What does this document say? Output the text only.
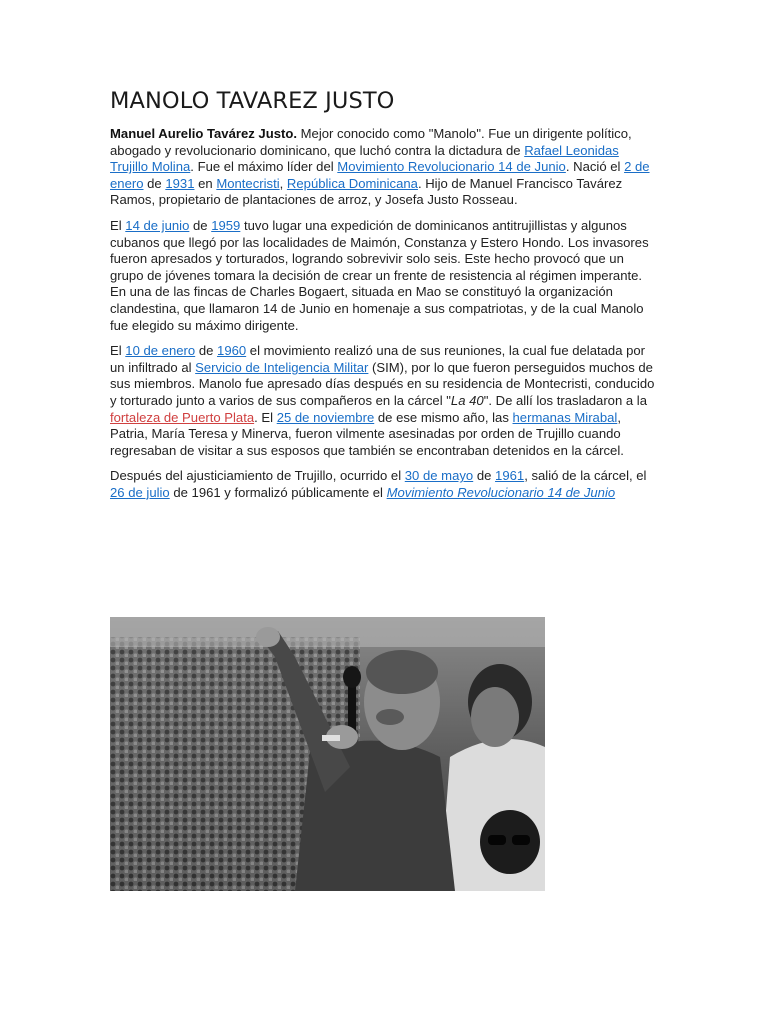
MANOLO TAVAREZ JUSTO

Manuel Aurelio Tavárez Justo. Mejor conocido como "Manolo". Fue un dirigente político, abogado y revolucionario dominicano, que luchó contra la dictadura de Rafael Leonidas Trujillo Molina. Fue el máximo líder del Movimiento Revolucionario 14 de Junio. Nació el 2 de enero de 1931 en Montecristi, República Dominicana. Hijo de Manuel Francisco Tavárez Ramos, propietario de plantaciones de arroz, y Josefa Justo Rosseau.

El 14 de junio de 1959 tuvo lugar una expedición de dominicanos antitrujillistas y algunos cubanos que llegó por las localidades de Maimón, Constanza y Estero Hondo. Los invasores fueron apresados y torturados, logrando sobrevivir solo seis. Este hecho provocó que un grupo de jóvenes tomara la decisión de crear un frente de resistencia al régimen imperante. En una de las fincas de Charles Bogaert, situada en Mao se constituyó la organización clandestina, que llamaron 14 de Junio en homenaje a sus compatriotas, y de la cual Manolo fue elegido su máximo dirigente.

El 10 de enero de 1960 el movimiento realizó una de sus reuniones, la cual fue delatada por un infiltrado al Servicio de Inteligencia Militar (SIM), por lo que fueron perseguidos muchos de sus miembros. Manolo fue apresado días después en su residencia de Montecristi, conducido y torturado junto a varios de sus compañeros en la cárcel "La 40". De allí los trasladaron a la fortaleza de Puerto Plata. El 25 de noviembre de ese mismo año, las hermanas Mirabal, Patria, María Teresa y Minerva, fueron vilmente asesinadas por orden de Trujillo cuando regresaban de visitar a sus esposos que también se encontraban detenidos en la cárcel.

Después del ajusticiamiento de Trujillo, ocurrido el 30 de mayo de 1961, salió de la cárcel, el 26 de julio de 1961 y formalizó públicamente el Movimiento Revolucionario 14 de Junio
